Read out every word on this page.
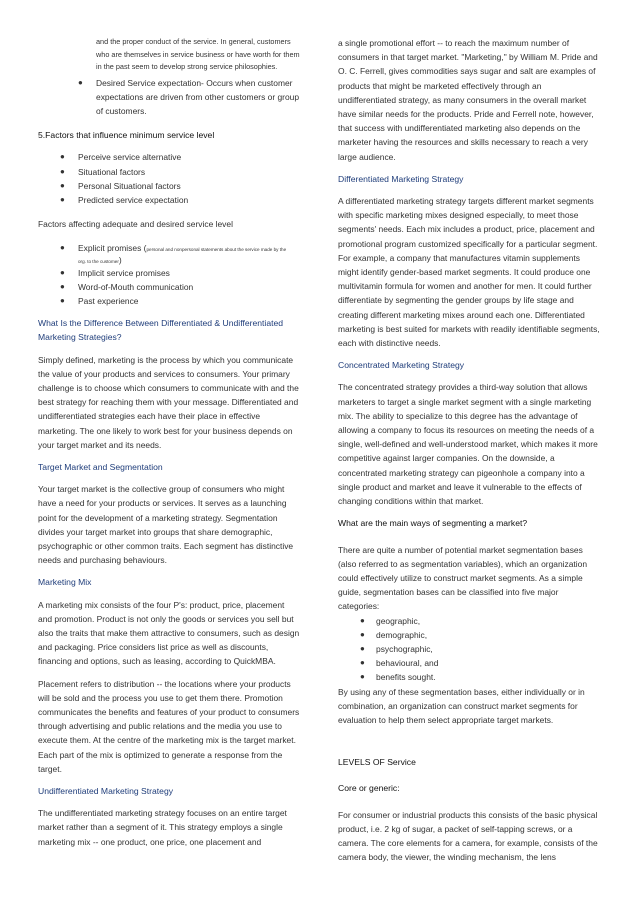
and the proper conduct of the service. In general, customers who are themselves in service business or have worth for them in the past seem to develop strong service philosophies.
● Desired Service expectation- Occurs when customer expectations are driven from other customers or group of customers.
5.Factors that influence minimum service level
● Perceive service alternative
● Situational factors
● Personal Situational factors
● Predicted service expectation
Factors affecting adequate and desired service level
● Explicit promises (personal and nonpersonal statements about the service made by the
org. to the customer)
● Implicit service promises
● Word-of-Mouth communication
● Past experience
What Is the Difference Between Differentiated & Undifferentiated Marketing Strategies?
Simply defined, marketing is the process by which you communicate the value of your products and services to consumers. Your primary challenge is to choose which consumers to communicate with and the best strategy for reaching them with your message. Differentiated and undifferentiated strategies each have their place in effective marketing. The one likely to work best for your business depends on your target market and its needs.
Target Market and Segmentation
Your target market is the collective group of consumers who might have a need for your products or services. It serves as a launching point for the development of a marketing strategy. Segmentation divides your target market into groups that share demographic, psychographic or other common traits. Each segment has distinctive needs and purchasing behaviours.
Marketing Mix
A marketing mix consists of the four P's: product, price, placement and promotion. Product is not only the goods or services you sell but also the traits that make them attractive to consumers, such as design and packaging. Price considers list price as well as discounts, financing and options, such as leasing, according to QuickMBA.
Placement refers to distribution -- the locations where your products will be sold and the process you use to get them there. Promotion communicates the benefits and features of your product to consumers through advertising and public relations and the media you use to execute them. At the centre of the marketing mix is the target market. Each part of the mix is optimized to generate a response from the target.
Undifferentiated Marketing Strategy
The undifferentiated marketing strategy focuses on an entire target market rather than a segment of it. This strategy employs a single marketing mix -- one product, one price, one placement and
a single promotional effort -- to reach the maximum number of consumers in that target market. "Marketing," by William M. Pride and O. C. Ferrell, gives commodities says sugar and salt are examples of products that might be marketed effectively through an undifferentiated strategy, as many consumers in the overall market have similar needs for the products. Pride and Ferrell note, however, that success with undifferentiated marketing also depends on the marketer having the resources and skills necessary to reach a very large audience.
Differentiated Marketing Strategy
A differentiated marketing strategy targets different market segments with specific marketing mixes designed especially, to meet those segments' needs. Each mix includes a product, price, placement and promotional program customized specifically for a particular segment. For example, a company that manufactures vitamin supplements might identify gender-based market segments. It could produce one multivitamin formula for women and another for men. It could further differentiate by segmenting the gender groups by life stage and creating different marketing mixes around each one. Differentiated marketing is best suited for markets with readily identifiable segments, each with distinctive needs.
Concentrated Marketing Strategy
The concentrated strategy provides a third-way solution that allows marketers to target a single market segment with a single marketing mix. The ability to specialize to this degree has the advantage of allowing a company to focus its resources on meeting the needs of a single, well-defined and well-understood market, which makes it more competitive against larger companies. On the downside, a concentrated marketing strategy can pigeonhole a company into a single product and market and leave it vulnerable to the effects of changing conditions within that market.
What are the main ways of segmenting a market?
There are quite a number of potential market segmentation bases (also referred to as segmentation variables), which an organization could effectively utilize to construct market segments. As a simple guide, segmentation bases can be classified into five major categories:
● geographic,
● demographic,
● psychographic,
● behavioural, and
● benefits sought.
By using any of these segmentation bases, either individually or in combination, an organization can construct market segments for evaluation to help them select appropriate target markets.
LEVELS OF Service
Core or generic:
For consumer or industrial products this consists of the basic physical product, i.e. 2 kg of sugar, a packet of self-tapping screws, or a camera. The core elements for a camera, for example, consists of the camera body, the viewer, the winding mechanism, the lens
